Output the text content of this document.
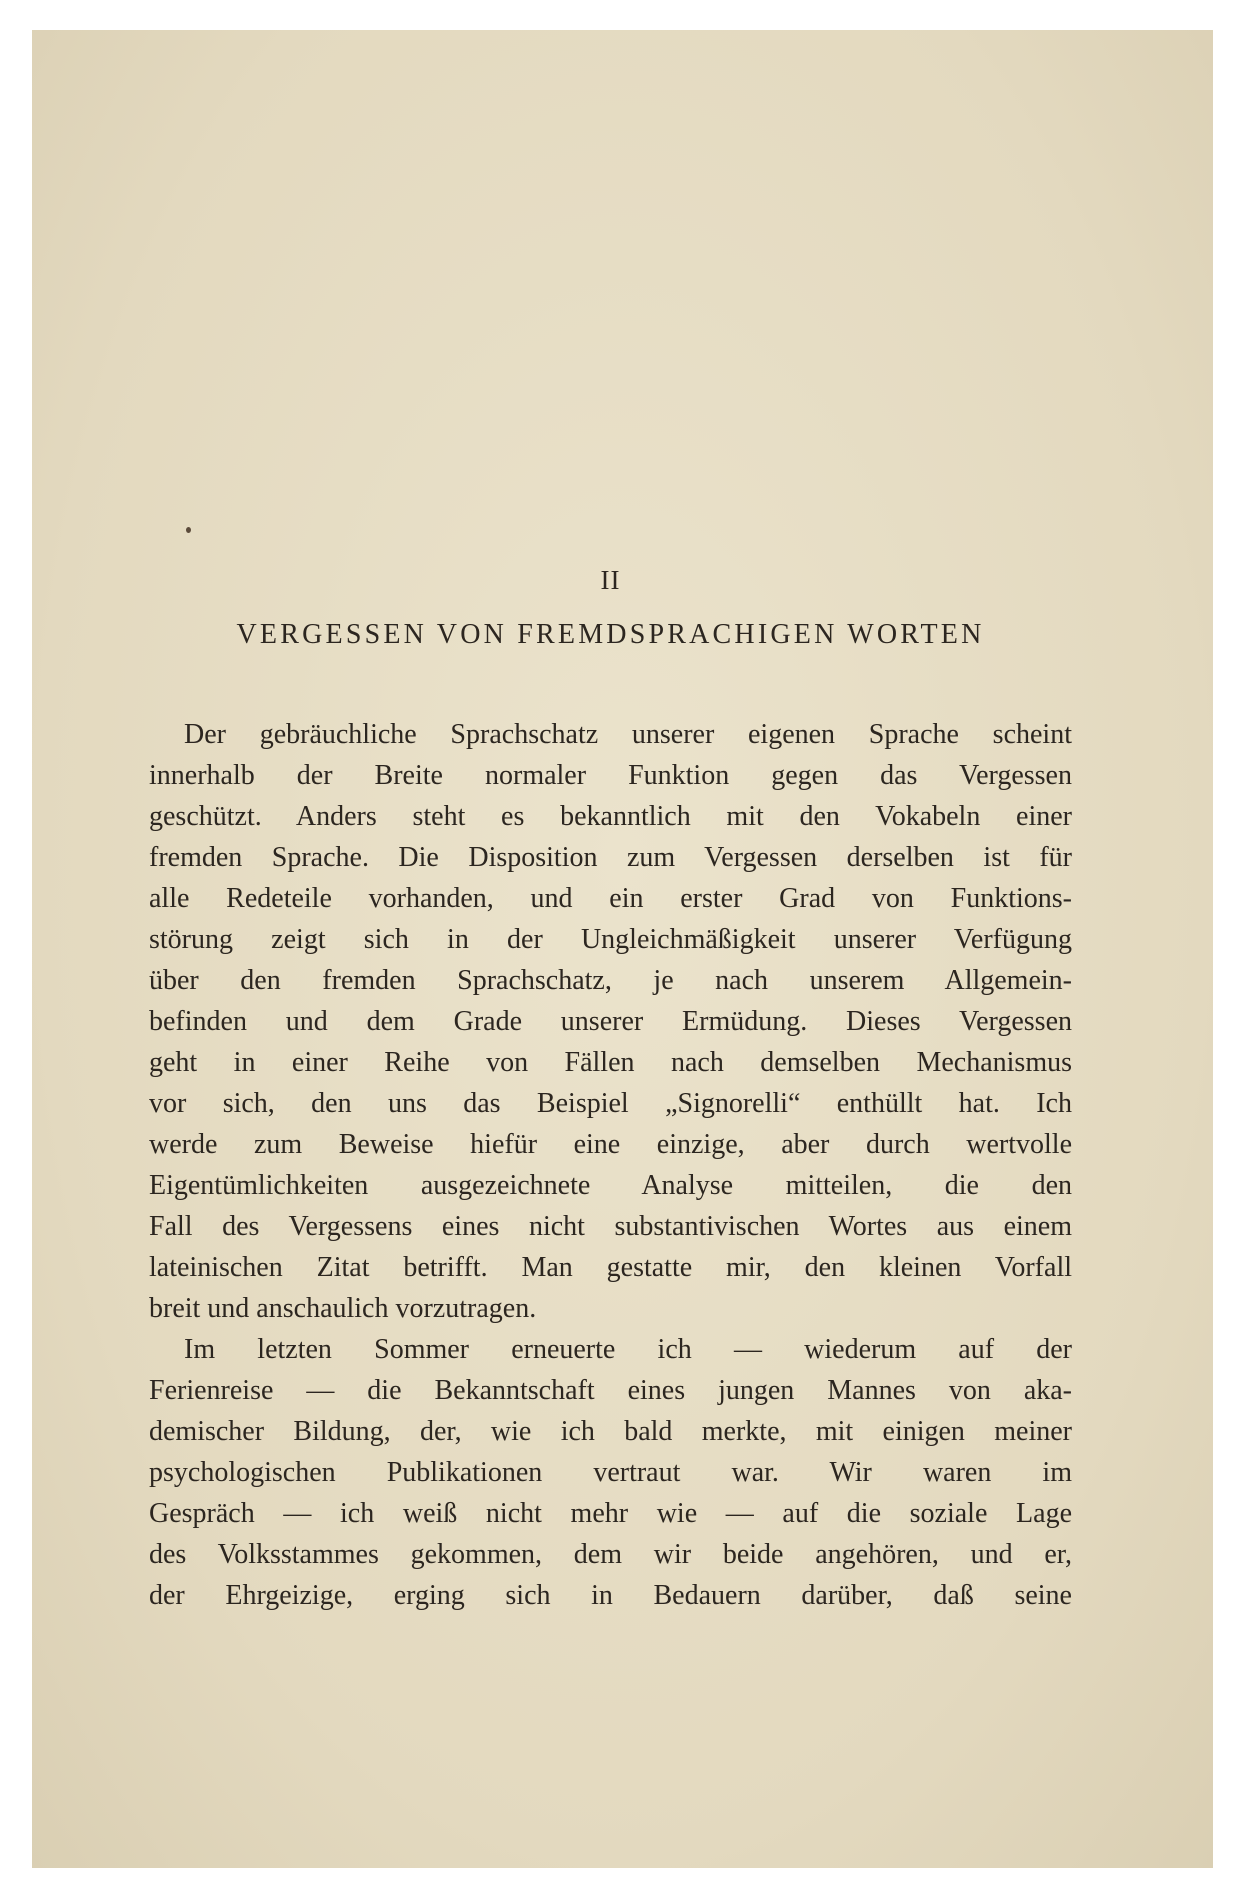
II
VERGESSEN VON FREMDSPRACHIGEN WORTEN
Der gebräuchliche Sprachschatz unserer eigenen Sprache scheint
innerhalb der Breite normaler Funktion gegen das Vergessen
geschützt. Anders steht es bekanntlich mit den Vokabeln einer
fremden Sprache. Die Disposition zum Vergessen derselben ist für
alle Redeteile vorhanden, und ein erster Grad von Funktions-
störung zeigt sich in der Ungleichmäßigkeit unserer Verfügung
über den fremden Sprachschatz, je nach unserem Allgemein-
befinden und dem Grade unserer Ermüdung. Dieses Vergessen
geht in einer Reihe von Fällen nach demselben Mechanismus
vor sich, den uns das Beispiel „Signorelli“ enthüllt hat. Ich
werde zum Beweise hiefür eine einzige, aber durch wertvolle
Eigentümlichkeiten ausgezeichnete Analyse mitteilen, die den
Fall des Vergessens eines nicht substantivischen Wortes aus einem
lateinischen Zitat betrifft. Man gestatte mir, den kleinen Vorfall
breit und anschaulich vorzutragen.
Im letzten Sommer erneuerte ich — wiederum auf der
Ferienreise — die Bekanntschaft eines jungen Mannes von aka-
demischer Bildung, der, wie ich bald merkte, mit einigen meiner
psychologischen Publikationen vertraut war. Wir waren im
Gespräch — ich weiß nicht mehr wie — auf die soziale Lage
des Volksstammes gekommen, dem wir beide angehören, und er,
der Ehrgeizige, erging sich in Bedauern darüber, daß seine
